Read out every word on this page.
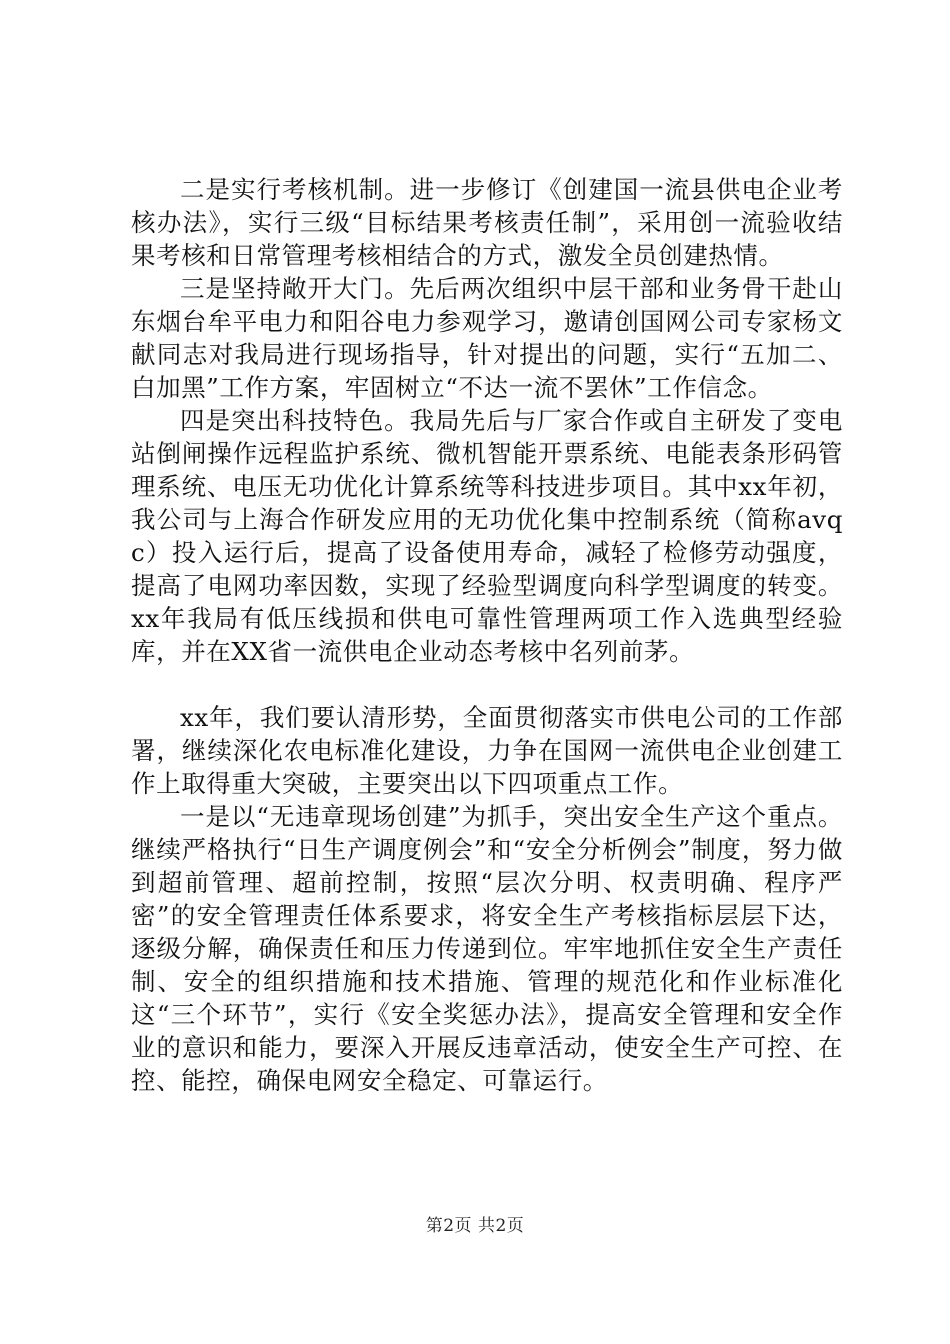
二是实行考核机制。进一步修订《创建国一流县供电企业考核办法》，实行三级“目标结果考核责任制”，采用创一流验收结果考核和日常管理考核相结合的方式，激发全员创建热情。

三是坚持敞开大门。先后两次组织中层干部和业务骨干赴山东烟台牟平电力和阳谷电力参观学习，邀请创国网公司专家杨文献同志对我局进行现场指导，针对提出的问题，实行“五加二、白加黑”工作方案，牢固树立“不达一流不罢休”工作信念。

四是突出科技特色。我局先后与厂家合作或自主研发了变电站倒闸操作远程监护系统、微机智能开票系统、电能表条形码管理系统、电压无功优化计算系统等科技进步项目。其中xx年初，我公司与上海合作研发应用的无功优化集中控制系统（简称avqc）投入运行后，提高了设备使用寿命，减轻了检修劳动强度，提高了电网功率因数，实现了经验型调度向科学型调度的转变。xx年我局有低压线损和供电可靠性管理两项工作入选典型经验库，并在XX省一流供电企业动态考核中名列前茅。

xx年，我们要认清形势，全面贯彻落实市供电公司的工作部署，继续深化农电标准化建设，力争在国网一流供电企业创建工作上取得重大突破，主要突出以下四项重点工作。

一是以“无违章现场创建”为抓手，突出安全生产这个重点。继续严格执行“日生产调度例会”和“安全分析例会”制度，努力做到超前管理、超前控制，按照“层次分明、权责明确、程序严密”的安全管理责任体系要求，将安全生产考核指标层层下达，逐级分解，确保责任和压力传递到位。牢牢地抓住安全生产责任制、安全的组织措施和技术措施、管理的规范化和作业标准化这“三个环节”，实行《安全奖惩办法》，提高安全管理和安全作业的意识和能力，要深入开展反违章活动，使安全生产可控、在控、能控，确保电网安全稳定、可靠运行。

第2页 共2页
